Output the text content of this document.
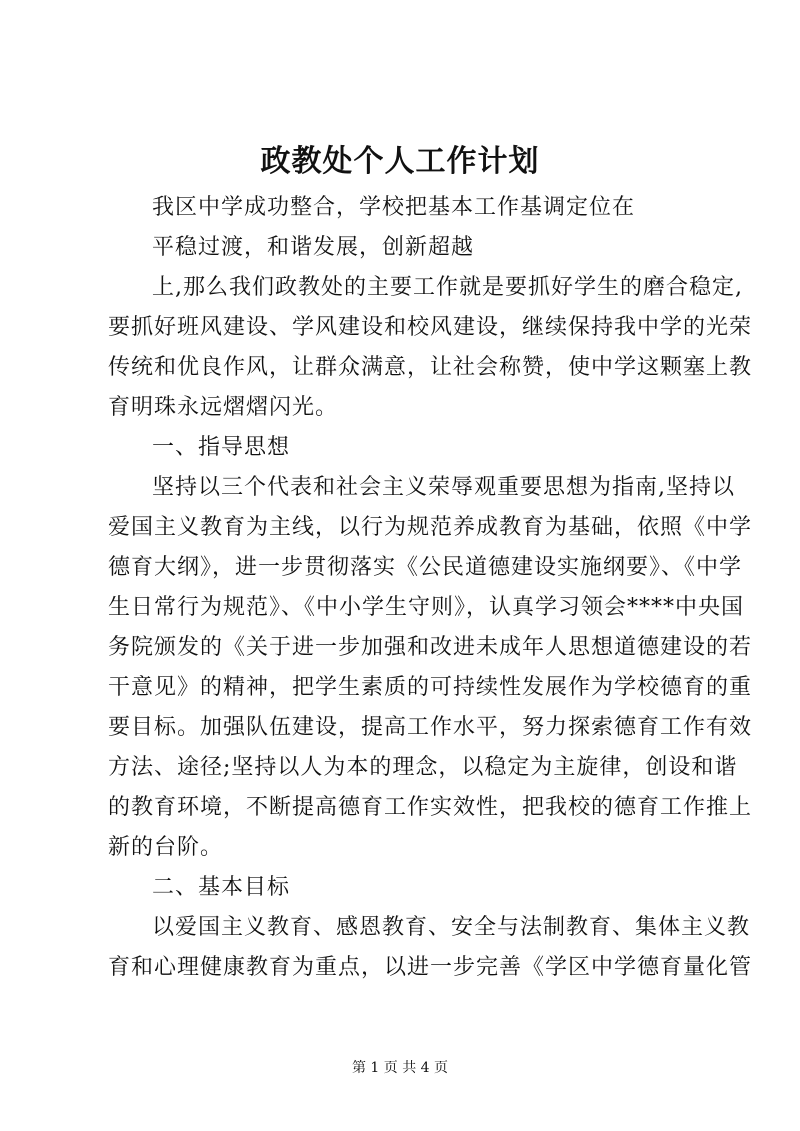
政教处个人工作计划
我区中学成功整合，学校把基本工作基调定位在
平稳过渡，和谐发展，创新超越
上,那么我们政教处的主要工作就是要抓好学生的磨合稳定,
要抓好班风建设、学风建设和校风建设，继续保持我中学的光荣
传统和优良作风，让群众满意，让社会称赞，使中学这颗塞上教
育明珠永远熠熠闪光。
一、指导思想
坚持以三个代表和社会主义荣辱观重要思想为指南,坚持以
爱国主义教育为主线，以行为规范养成教育为基础，依照《中学
德育大纲》，进一步贯彻落实《公民道德建设实施纲要》、《中学
生日常行为规范》、《中小学生守则》，认真学习领会****中央国
务院颁发的《关于进一步加强和改进未成年人思想道德建设的若
干意见》的精神，把学生素质的可持续性发展作为学校德育的重
要目标。加强队伍建设，提高工作水平，努力探索德育工作有效
方法、途径;坚持以人为本的理念，以稳定为主旋律，创设和谐
的教育环境，不断提高德育工作实效性，把我校的德育工作推上
新的台阶。
二、基本目标
以爱国主义教育、感恩教育、安全与法制教育、集体主义教
育和心理健康教育为重点，以进一步完善《学区中学德育量化管
第 1 页 共 4 页
